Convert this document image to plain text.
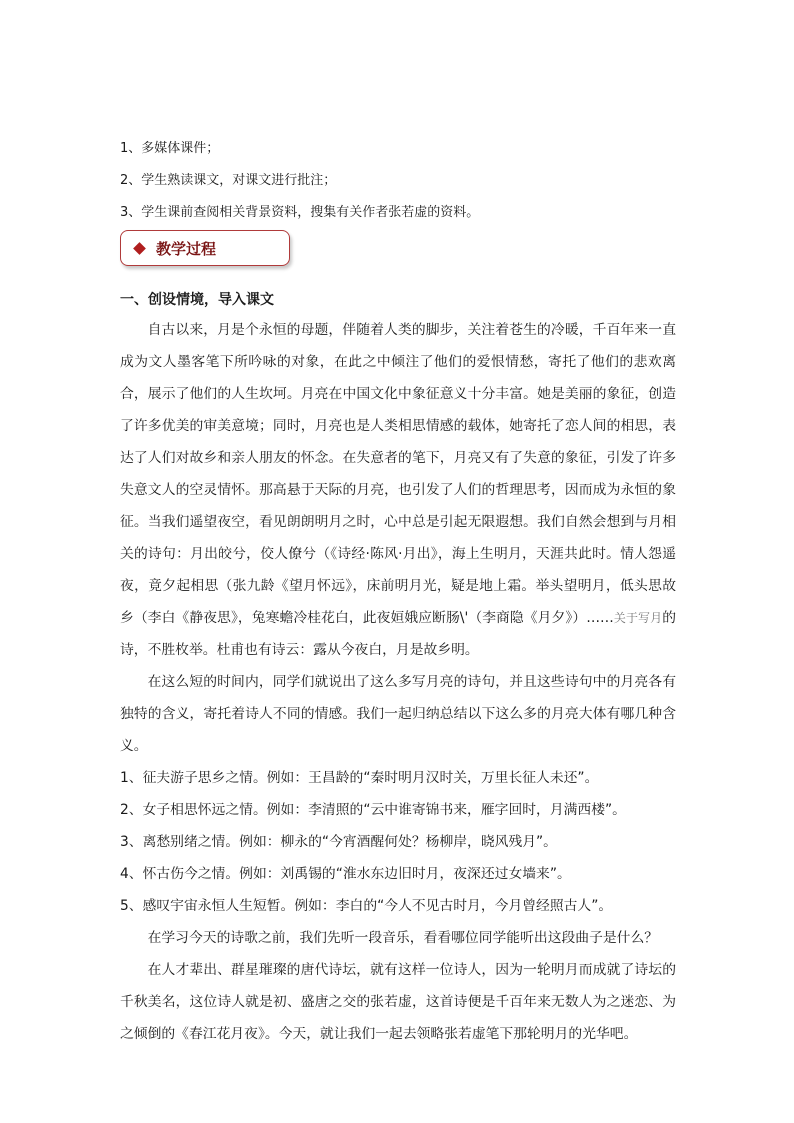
1、多媒体课件；
2、学生熟读课文，对课文进行批注；
3、学生课前查阅相关背景资料，搜集有关作者张若虚的资料。
教学过程
一、创设情境，导入课文

自古以来，月是个永恒的母题，伴随着人类的脚步，关注着苍生的冷暖，千百年来一直成为文人墨客笔下所吟咏的对象，在此之中倾注了他们的爱恨情愁，寄托了他们的悲欢离合，展示了他们的人生坎坷。月亮在中国文化中象征意义十分丰富。她是美丽的象征，创造了许多优美的审美意境；同时，月亮也是人类相思情感的载体，她寄托了恋人间的相思，表达了人们对故乡和亲人朋友的怀念。在失意者的笔下，月亮又有了失意的象征，引发了许多失意文人的空灵情怀。那高悬于天际的月亮，也引发了人们的哲理思考，因而成为永恒的象征。当我们遥望夜空，看见朗朗明月之时，心中总是引起无限遐想。我们自然会想到与月相关的诗句：月出皎兮，佼人僚兮（《诗经·陈风·月出》，海上生明月，天涯共此时。情人怨遥夜，竟夕起相思（张九龄《望月怀远》，床前明月光，疑是地上霜。举头望明月，低头思故乡（李白《静夜思》，兔寒蟾冷桂花白，此夜姮娥应断肠\'（李商隐《月夕》）……关于写月的诗，不胜枚举。杜甫也有诗云：露从今夜白，月是故乡明。

在这么短的时间内，同学们就说出了这么多写月亮的诗句，并且这些诗句中的月亮各有独特的含义，寄托着诗人不同的情感。我们一起归纳总结以下这么多的月亮大体有哪几种含义。

1、征夫游子思乡之情。例如：王昌龄的“秦时明月汉时关，万里长征人未还”。

2、女子相思怀远之情。例如：李清照的“云中谁寄锦书来，雁字回时，月满西楼”。

3、离愁别绪之情。例如：柳永的“今宵酒醒何处？杨柳岸，晓风残月”。

4、怀古伤今之情。例如：刘禹锡的“淮水东边旧时月，夜深还过女墙来”。

5、感叹宇宙永恒人生短暂。例如：李白的“今人不见古时月，今月曾经照古人”。

在学习今天的诗歌之前，我们先听一段音乐，看看哪位同学能听出这段曲子是什么？

在人才辈出、群星璀璨的唐代诗坛，就有这样一位诗人，因为一轮明月而成就了诗坛的千秋美名，这位诗人就是初、盛唐之交的张若虚，这首诗便是千百年来无数人为之迷恋、为之倾倒的《春江花月夜》。今天，就让我们一起去领略张若虚笔下那轮明月的光华吧。
